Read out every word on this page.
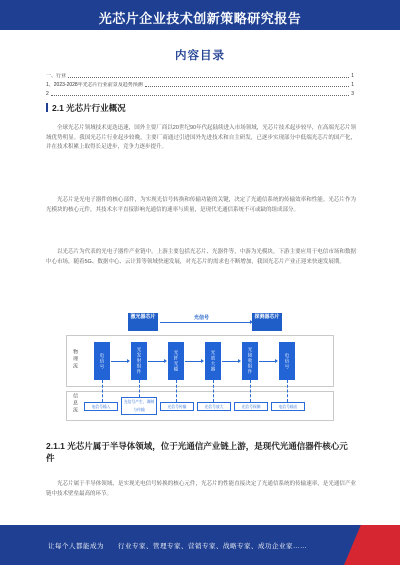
光芯片企业技术创新策略研究报告
内容目录
一、行业	1
1、2023-2028年光芯片行业前景及趋势预测	1
2	3
2.1 光芯片行业概况
全球光芯片领域技术更迭迅速，国外主要厂商以20世纪90年代起陆续进入市场领域，光芯片技术起步较早，在高端光芯片领域优势明显。我国光芯片行业起步较晚，主要厂商通过引进国外先进技术和自主研发，已逐步实现部分中低端光芯片的国产化，并在技术积累上取得长足进步，竞争力逐步提升。
光芯片是光电子器件的核心部件，为实现光信号转换和传输功能的关键，决定了光通信系统的传输效率和性能。光芯片作为光模块的核心元件，其技术水平直接影响光通信的速率与质量，是现代光通信系统不可或缺的组成部分。
以光芯片为代表的光电子器件产业链中，上游主要包括光芯片、光器件等，中游为光模块，下游主要应用于电信市场和数据中心市场，随着5G、数据中心、云计算等领域快速发展，对光芯片的需求也不断增加，我国光芯片产业正迎来快速发展期。
激光器芯片	光信号	探测器芯片
物理流
信息流
电信号	光发射组件	光纤光缆	光放大器	光接收组件	电信号
电信号输入
光信号产生、调制与传输
光信号传输	光信号放大	光信号探测	电信号输出
2.1.1 光芯片属于半导体领域，位于光通信产业链上游，是现代光通信器件核心元件
光芯片属于半导体领域，是实现光电信号转换的核心元件，光芯片的性能直接决定了光通信系统的传输速率，是光通信产业链中技术壁垒最高的环节。
让每个人都能成为　　行业专家、管理专家、营销专家、战略专家、成功企业家……
